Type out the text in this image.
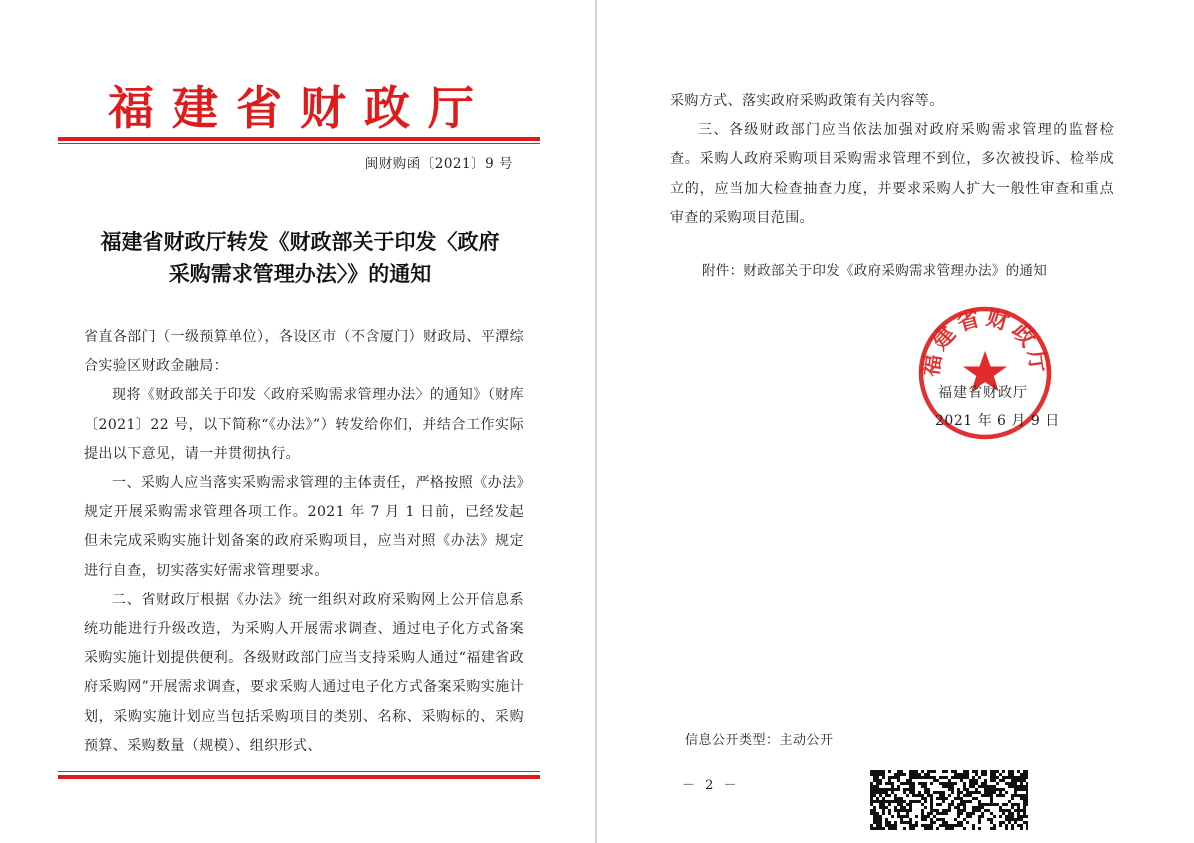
福建省财政厅
闽财购函〔2021〕9 号
福建省财政厅转发《财政部关于印发〈政府
采购需求管理办法〉》的通知

省直各部门（一级预算单位），各设区市（不含厦门）财政局、平潭综合实验区财政金融局：

现将《财政部关于印发〈政府采购需求管理办法〉的通知》（财库〔2021〕22 号，以下简称“《办法》”）转发给你们，并结合工作实际提出以下意见，请一并贯彻执行。

一、采购人应当落实采购需求管理的主体责任，严格按照《办法》规定开展采购需求管理各项工作。2021 年 7 月 1 日前，已经发起但未完成采购实施计划备案的政府采购项目，应当对照《办法》规定进行自查，切实落实好需求管理要求。

二、省财政厅根据《办法》统一组织对政府采购网上公开信息系统功能进行升级改造，为采购人开展需求调查、通过电子化方式备案采购实施计划提供便利。各级财政部门应当支持采购人通过“福建省政府采购网”开展需求调查，要求采购人通过电子化方式备案采购实施计划，采购实施计划应当包括采购项目的类别、名称、采购标的、采购预算、采购数量（规模）、组织形式、

采购方式、落实政府采购政策有关内容等。

三、各级财政部门应当依法加强对政府采购需求管理的监督检查。采购人政府采购项目采购需求管理不到位，多次被投诉、检举成立的，应当加大检查抽查力度，并要求采购人扩大一般性审查和重点审查的采购项目范围。

附件：财政部关于印发《政府采购需求管理办法》的通知
福建省财政厅
福建省财政厅
2021 年 6 月 9 日
信息公开类型：主动公开
－ 2 －
